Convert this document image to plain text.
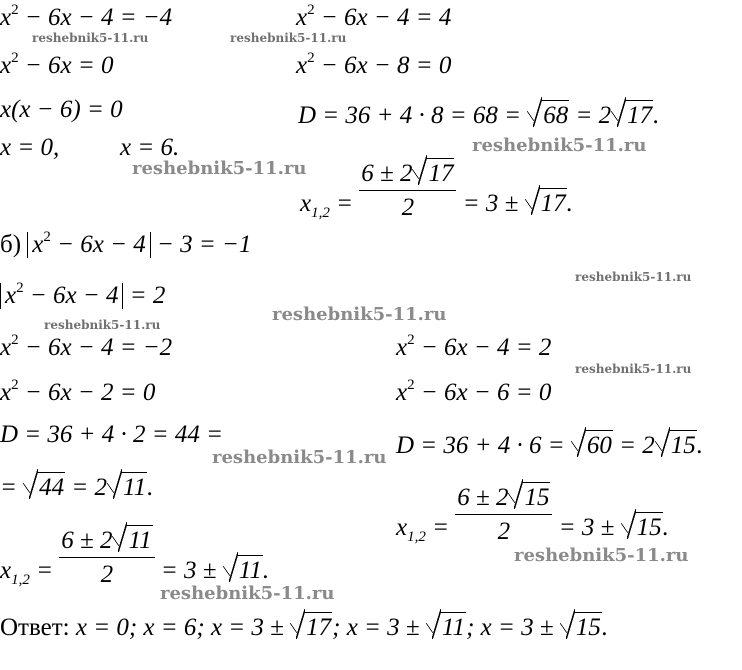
$x^2 - 6x - 4 = -4$
$x^2 - 6x = 0$
x(x − 6) = 0
x = 0, x = 6.
$x^2 - 6x - 4 = 4$
$x^2 - 6x - 8 = 0$
D = 36 + 4 · 8 = 68 = 68 = 2 17.
$x_{1,2} = \frac{6 \pm 2 17}{2} = 3 \pm 17$.
б) $x^2 - 6x - 4 - 3 = -1$
$x^2 - 6x - 4 = 2$
$x^2 - 6x - 4 = -2$
$x^2 - 6x - 2 = 0$
D = 36 + 4 · 2 = 44 =
= 44 = 2 11.
$x_{1,2} = \frac{6 \pm 2 11}{2} = 3 \pm 11$.
$x^2 - 6x - 4 = 2$
$x^2 - 6x - 6 = 0$
D = 36 + 4 · 6 = 60 = 2 15.
$x_{1,2} = \frac{6 \pm 2 15}{2} = 3 \pm 15$.
Ответ: x = 0; x = 6; x = 3 ± 17; x = 3 ± 11; x = 3 ± 15.
reshebnik5-11.ru	reshebnik5-11.ru
reshebnik5-11.ru
reshebnik5-11.ru
reshebnik5-11.ru
reshebnik5-11.ru	reshebnik5-11.ru
reshebnik5-11.ru
reshebnik5-11.ru
reshebnik5-11.ru
reshebnik5-11.ru
